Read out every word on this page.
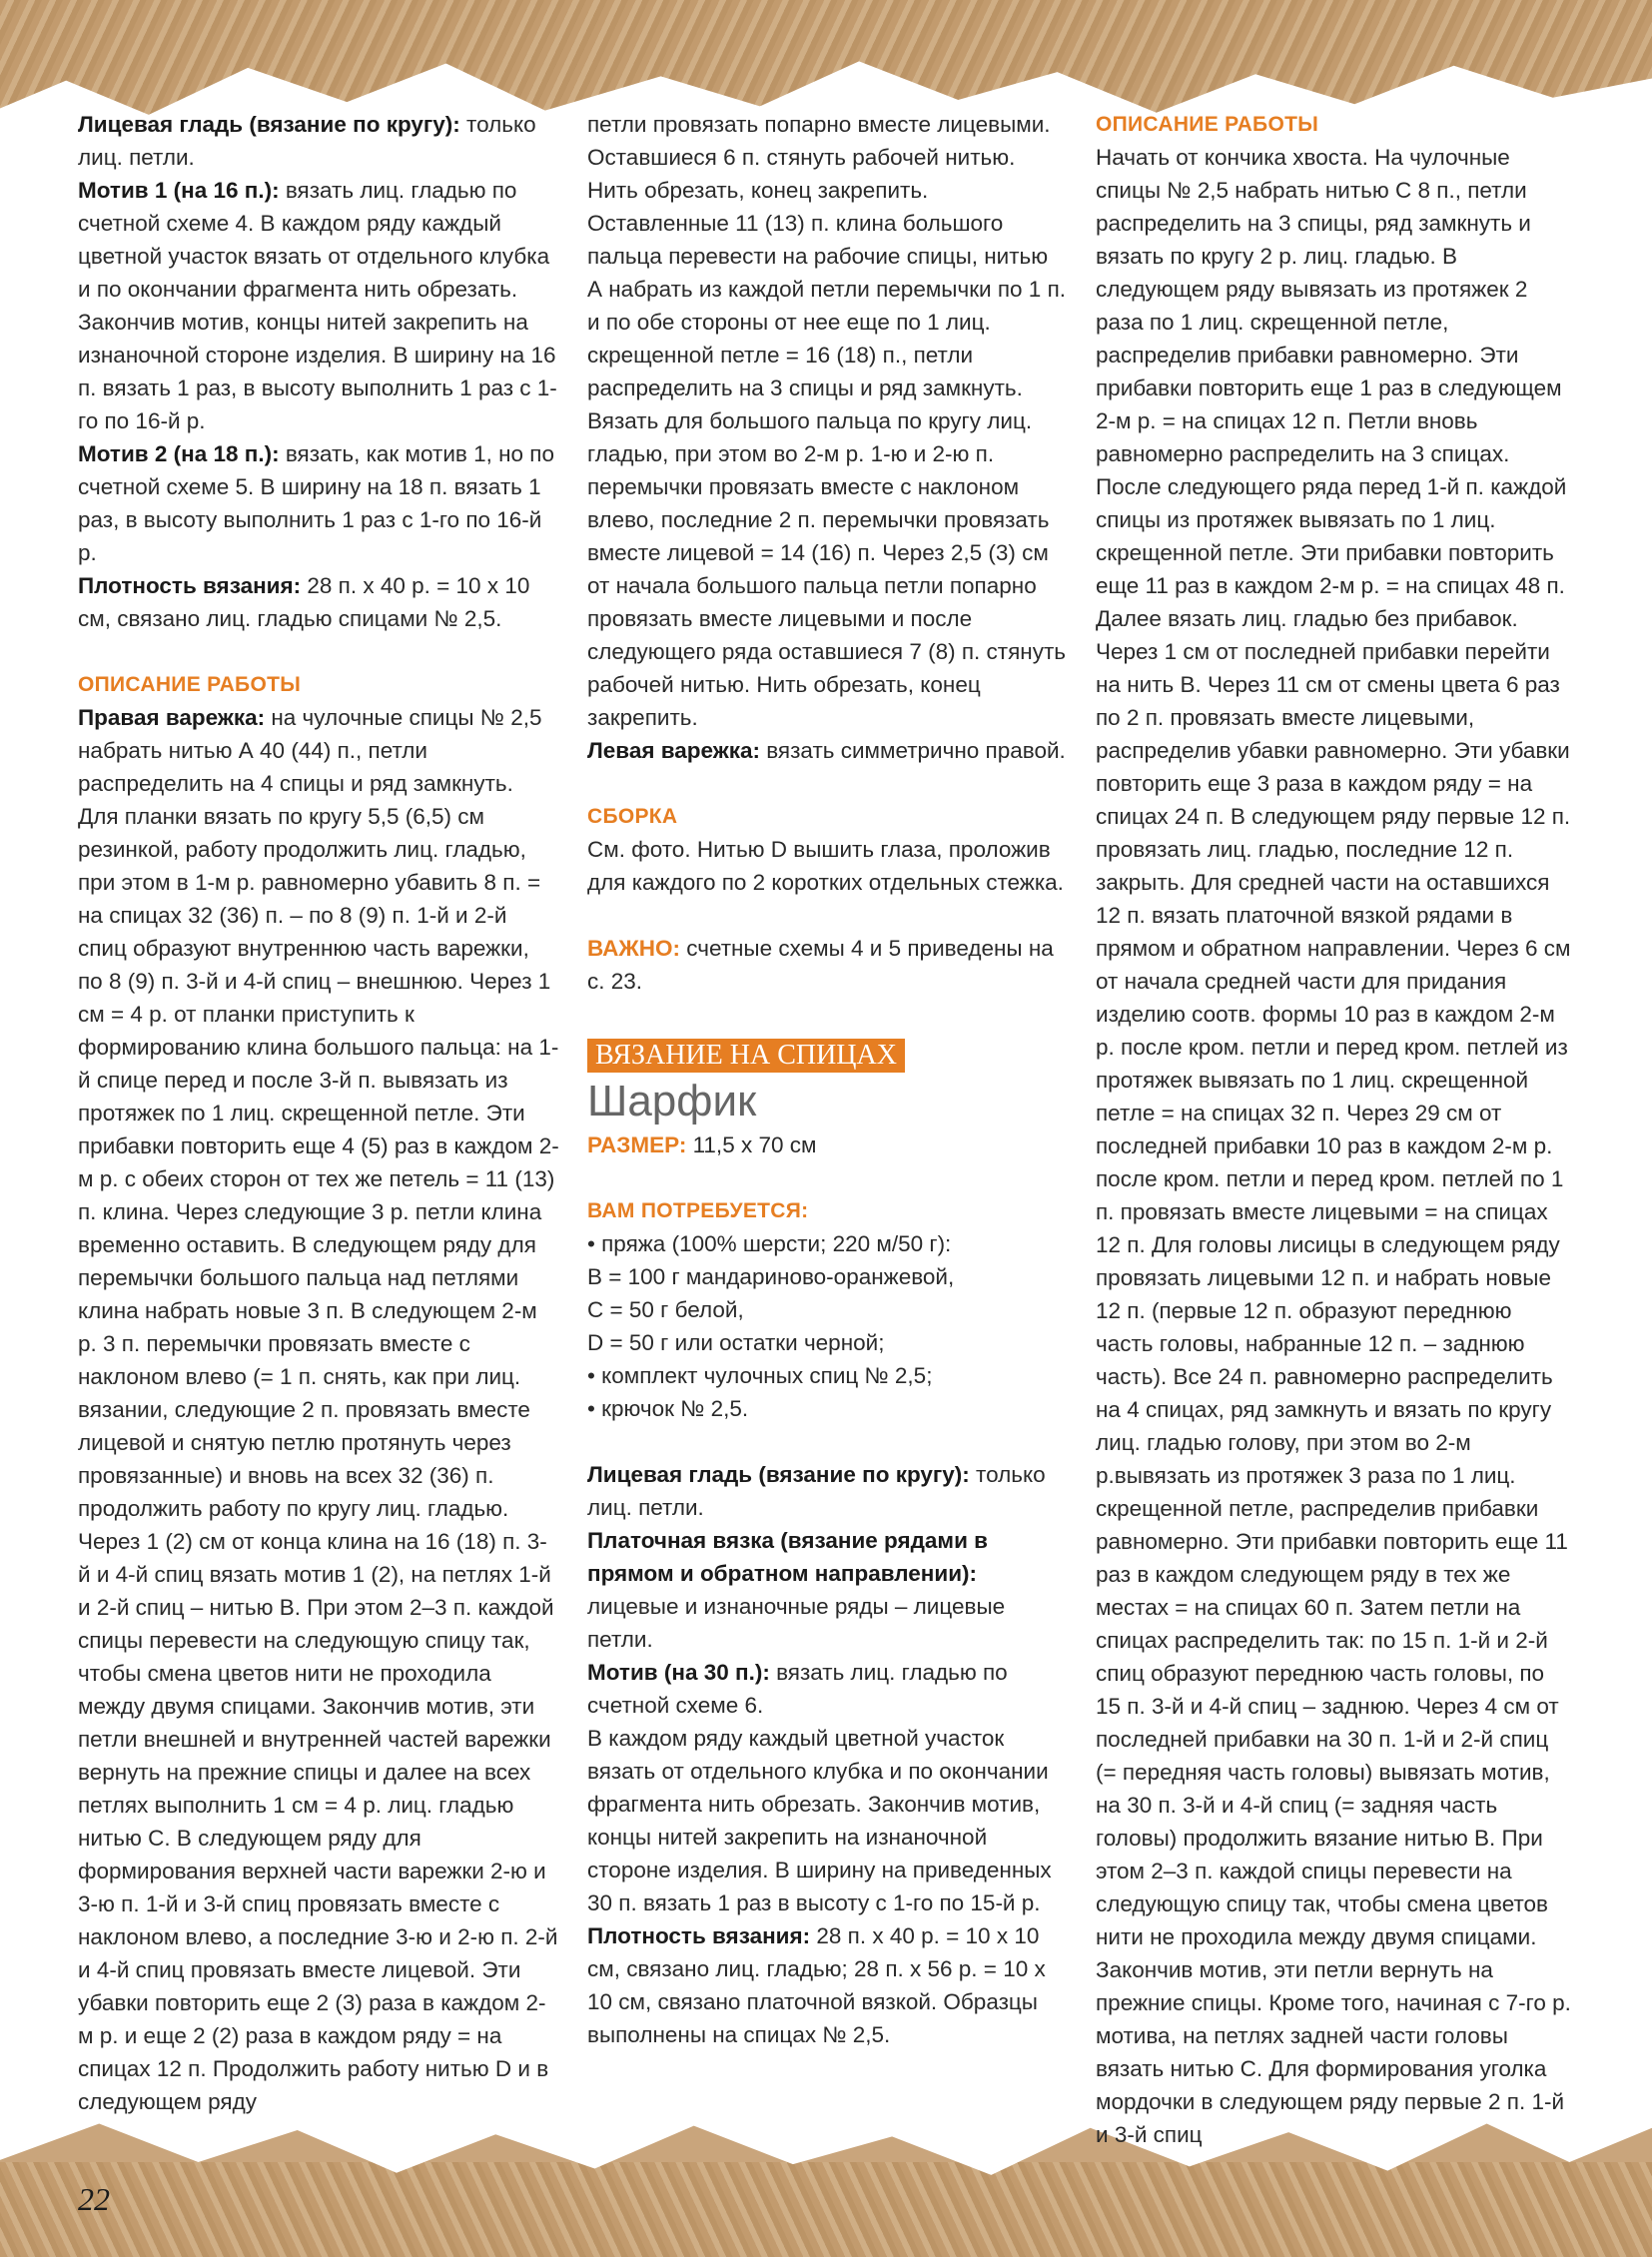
Лицевая гладь (вязание по кругу): только лиц. петли.

Мотив 1 (на 16 п.): вязать лиц. гладью по счетной схеме 4. В каждом ряду каждый цветной участок вязать от отдельного клубка и по окончании фрагмента нить обрезать. Закончив мотив, концы нитей закрепить на изнаночной стороне изделия. В ширину на 16 п. вязать 1 раз, в высоту выполнить 1 раз с 1-го по 16-й р.

Мотив 2 (на 18 п.): вязать, как мотив 1, но по счетной схеме 5. В ширину на 18 п. вязать 1 раз, в высоту выполнить 1 раз с 1-го по 16-й р.

Плотность вязания: 28 п. х 40 р. = 10 х 10 см, связано лиц. гладью спицами № 2,5.

ОПИСАНИЕ РАБОТЫ

Правая варежка: на чулочные спицы № 2,5 набрать нитью А 40 (44) п., петли распределить на 4 спицы и ряд замкнуть. Для планки вязать по кругу 5,5 (6,5) см резинкой, работу продолжить лиц. гладью, при этом в 1-м р. равномерно убавить 8 п. = на спицах 32 (36) п. – по 8 (9) п. 1-й и 2-й спиц образуют внутреннюю часть варежки, по 8 (9) п. 3-й и 4-й спиц – внешнюю. Через 1 см = 4 р. от планки приступить к формированию клина большого пальца: на 1-й спице перед и после 3-й п. вывязать из протяжек по 1 лиц. скрещенной петле. Эти прибавки повторить еще 4 (5) раз в каждом 2-м р. с обеих сторон от тех же петель = 11 (13) п. клина. Через следующие 3 р. петли клина временно оставить. В следующем ряду для перемычки большого пальца над петлями клина набрать новые 3 п. В следующем 2-м р. 3 п. перемычки провязать вместе с наклоном влево (= 1 п. снять, как при лиц. вязании, следующие 2 п. провязать вместе лицевой и снятую петлю протянуть через провязанные) и вновь на всех 32 (36) п. продолжить работу по кругу лиц. гладью. Через 1 (2) см от конца клина на 16 (18) п. 3-й и 4-й спиц вязать мотив 1 (2), на петлях 1-й и 2-й спиц – нитью В. При этом 2–3 п. каждой спицы перевести на следующую спицу так, чтобы смена цветов нити не проходила между двумя спицами. Закончив мотив, эти петли внешней и внутренней частей варежки вернуть на прежние спицы и далее на всех петлях выполнить 1 см = 4 р. лиц. гладью нитью С. В следующем ряду для формирования верхней части варежки 2-ю и 3-ю п. 1-й и 3-й спиц провязать вместе с наклоном влево, а последние 3-ю и 2-ю п. 2-й и 4-й спиц провязать вместе лицевой. Эти убавки повторить еще 2 (3) раза в каждом 2-м р. и еще 2 (2) раза в каждом ряду = на спицах 12 п. Продолжить работу нитью D и в следующем ряду

петли провязать попарно вместе лицевыми. Оставшиеся 6 п. стянуть рабочей нитью. Нить обрезать, конец закрепить. Оставленные 11 (13) п. клина большого пальца перевести на рабочие спицы, нитью А набрать из каждой петли перемычки по 1 п. и по обе стороны от нее еще по 1 лиц. скрещенной петле = 16 (18) п., петли распределить на 3 спицы и ряд замкнуть. Вязать для большого пальца по кругу лиц. гладью, при этом во 2-м р. 1-ю и 2-ю п. перемычки провязать вместе с наклоном влево, последние 2 п. перемычки провязать вместе лицевой = 14 (16) п. Через 2,5 (3) см от начала большого пальца петли попарно провязать вместе лицевыми и после следующего ряда оставшиеся 7 (8) п. стянуть рабочей нитью. Нить обрезать, конец закрепить.

Левая варежка: вязать симметрично правой.

СБОРКА

См. фото. Нитью D вышить глаза, проложив для каждого по 2 коротких отдельных стежка.

ВАЖНО: счетные схемы 4 и 5 приведены на с. 23.

ВЯЗАНИЕ НА СПИЦАХ

Шарфик

РАЗМЕР: 11,5 х 70 см

ВАМ ПОТРЕБУЕТСЯ:

• пряжа (100% шерсти; 220 м/50 г):

В = 100 г мандариново-оранжевой,

С = 50 г белой,

D = 50 г или остатки черной;

• комплект чулочных спиц № 2,5;

• крючок № 2,5.

Лицевая гладь (вязание по кругу): только лиц. петли.

Платочная вязка (вязание рядами в прямом и обратном направлении): лицевые и изнаночные ряды – лицевые петли.

Мотив (на 30 п.): вязать лиц. гладью по счетной схеме 6.

В каждом ряду каждый цветной участок вязать от отдельного клубка и по окончании фрагмента нить обрезать. Закончив мотив, концы нитей закрепить на изнаночной стороне изделия. В ширину на приведенных 30 п. вязать 1 раз в высоту с 1-го по 15-й р.

Плотность вязания: 28 п. х 40 р. = 10 х 10 см, связано лиц. гладью; 28 п. х 56 р. = 10 х 10 см, связано платочной вязкой. Образцы выполнены на спицах № 2,5.

ОПИСАНИЕ РАБОТЫ

Начать от кончика хвоста. На чулочные спицы № 2,5 набрать нитью С 8 п., петли распределить на 3 спицы, ряд замкнуть и вязать по кругу 2 р. лиц. гладью. В следующем ряду вывязать из протяжек 2 раза по 1 лиц. скрещенной петле, распределив прибавки равномерно. Эти прибавки повторить еще 1 раз в следующем 2-м р. = на спицах 12 п. Петли вновь равномерно распределить на 3 спицах. После следующего ряда перед 1-й п. каждой спицы из протяжек вывязать по 1 лиц. скрещенной петле. Эти прибавки повторить еще 11 раз в каждом 2-м р. = на спицах 48 п. Далее вязать лиц. гладью без прибавок. Через 1 см от последней прибавки перейти на нить В. Через 11 см от смены цвета 6 раз по 2 п. провязать вместе лицевыми, распределив убавки равномерно. Эти убавки повторить еще 3 раза в каждом ряду = на спицах 24 п. В следующем ряду первые 12 п. провязать лиц. гладью, последние 12 п. закрыть. Для средней части на оставшихся 12 п. вязать платочной вязкой рядами в прямом и обратном направлении. Через 6 см от начала средней части для придания изделию соотв. формы 10 раз в каждом 2-м р. после кром. петли и перед кром. петлей из протяжек вывязать по 1 лиц. скрещенной петле = на спицах 32 п. Через 29 см от последней прибавки 10 раз в каждом 2-м р. после кром. петли и перед кром. петлей по 1 п. провязать вместе лицевыми = на спицах 12 п. Для головы лисицы в следующем ряду провязать лицевыми 12 п. и набрать новые 12 п. (первые 12 п. образуют переднюю часть головы, набранные 12 п. – заднюю часть). Все 24 п. равномерно распределить на 4 спицах, ряд замкнуть и вязать по кругу лиц. гладью голову, при этом во 2-м р.вывязать из протяжек 3 раза по 1 лиц. скрещенной петле, распределив прибавки равномерно. Эти прибавки повторить еще 11 раз в каждом следующем ряду в тех же местах = на спицах 60 п. Затем петли на спицах распределить так: по 15 п. 1-й и 2-й спиц образуют переднюю часть головы, по 15 п. 3-й и 4-й спиц – заднюю. Через 4 см от последней прибавки на 30 п. 1-й и 2-й спиц (= передняя часть головы) вывязать мотив, на 30 п. 3-й и 4-й спиц (= задняя часть головы) продолжить вязание нитью В. При этом 2–3 п. каждой спицы перевести на следующую спицу так, чтобы смена цветов нити не проходила между двумя спицами. Закончив мотив, эти петли вернуть на прежние спицы. Кроме того, начиная с 7-го р. мотива, на петлях задней части головы вязать нитью С. Для формирования уголка мордочки в следующем ряду первые 2 п. 1-й и 3-й спиц

22
